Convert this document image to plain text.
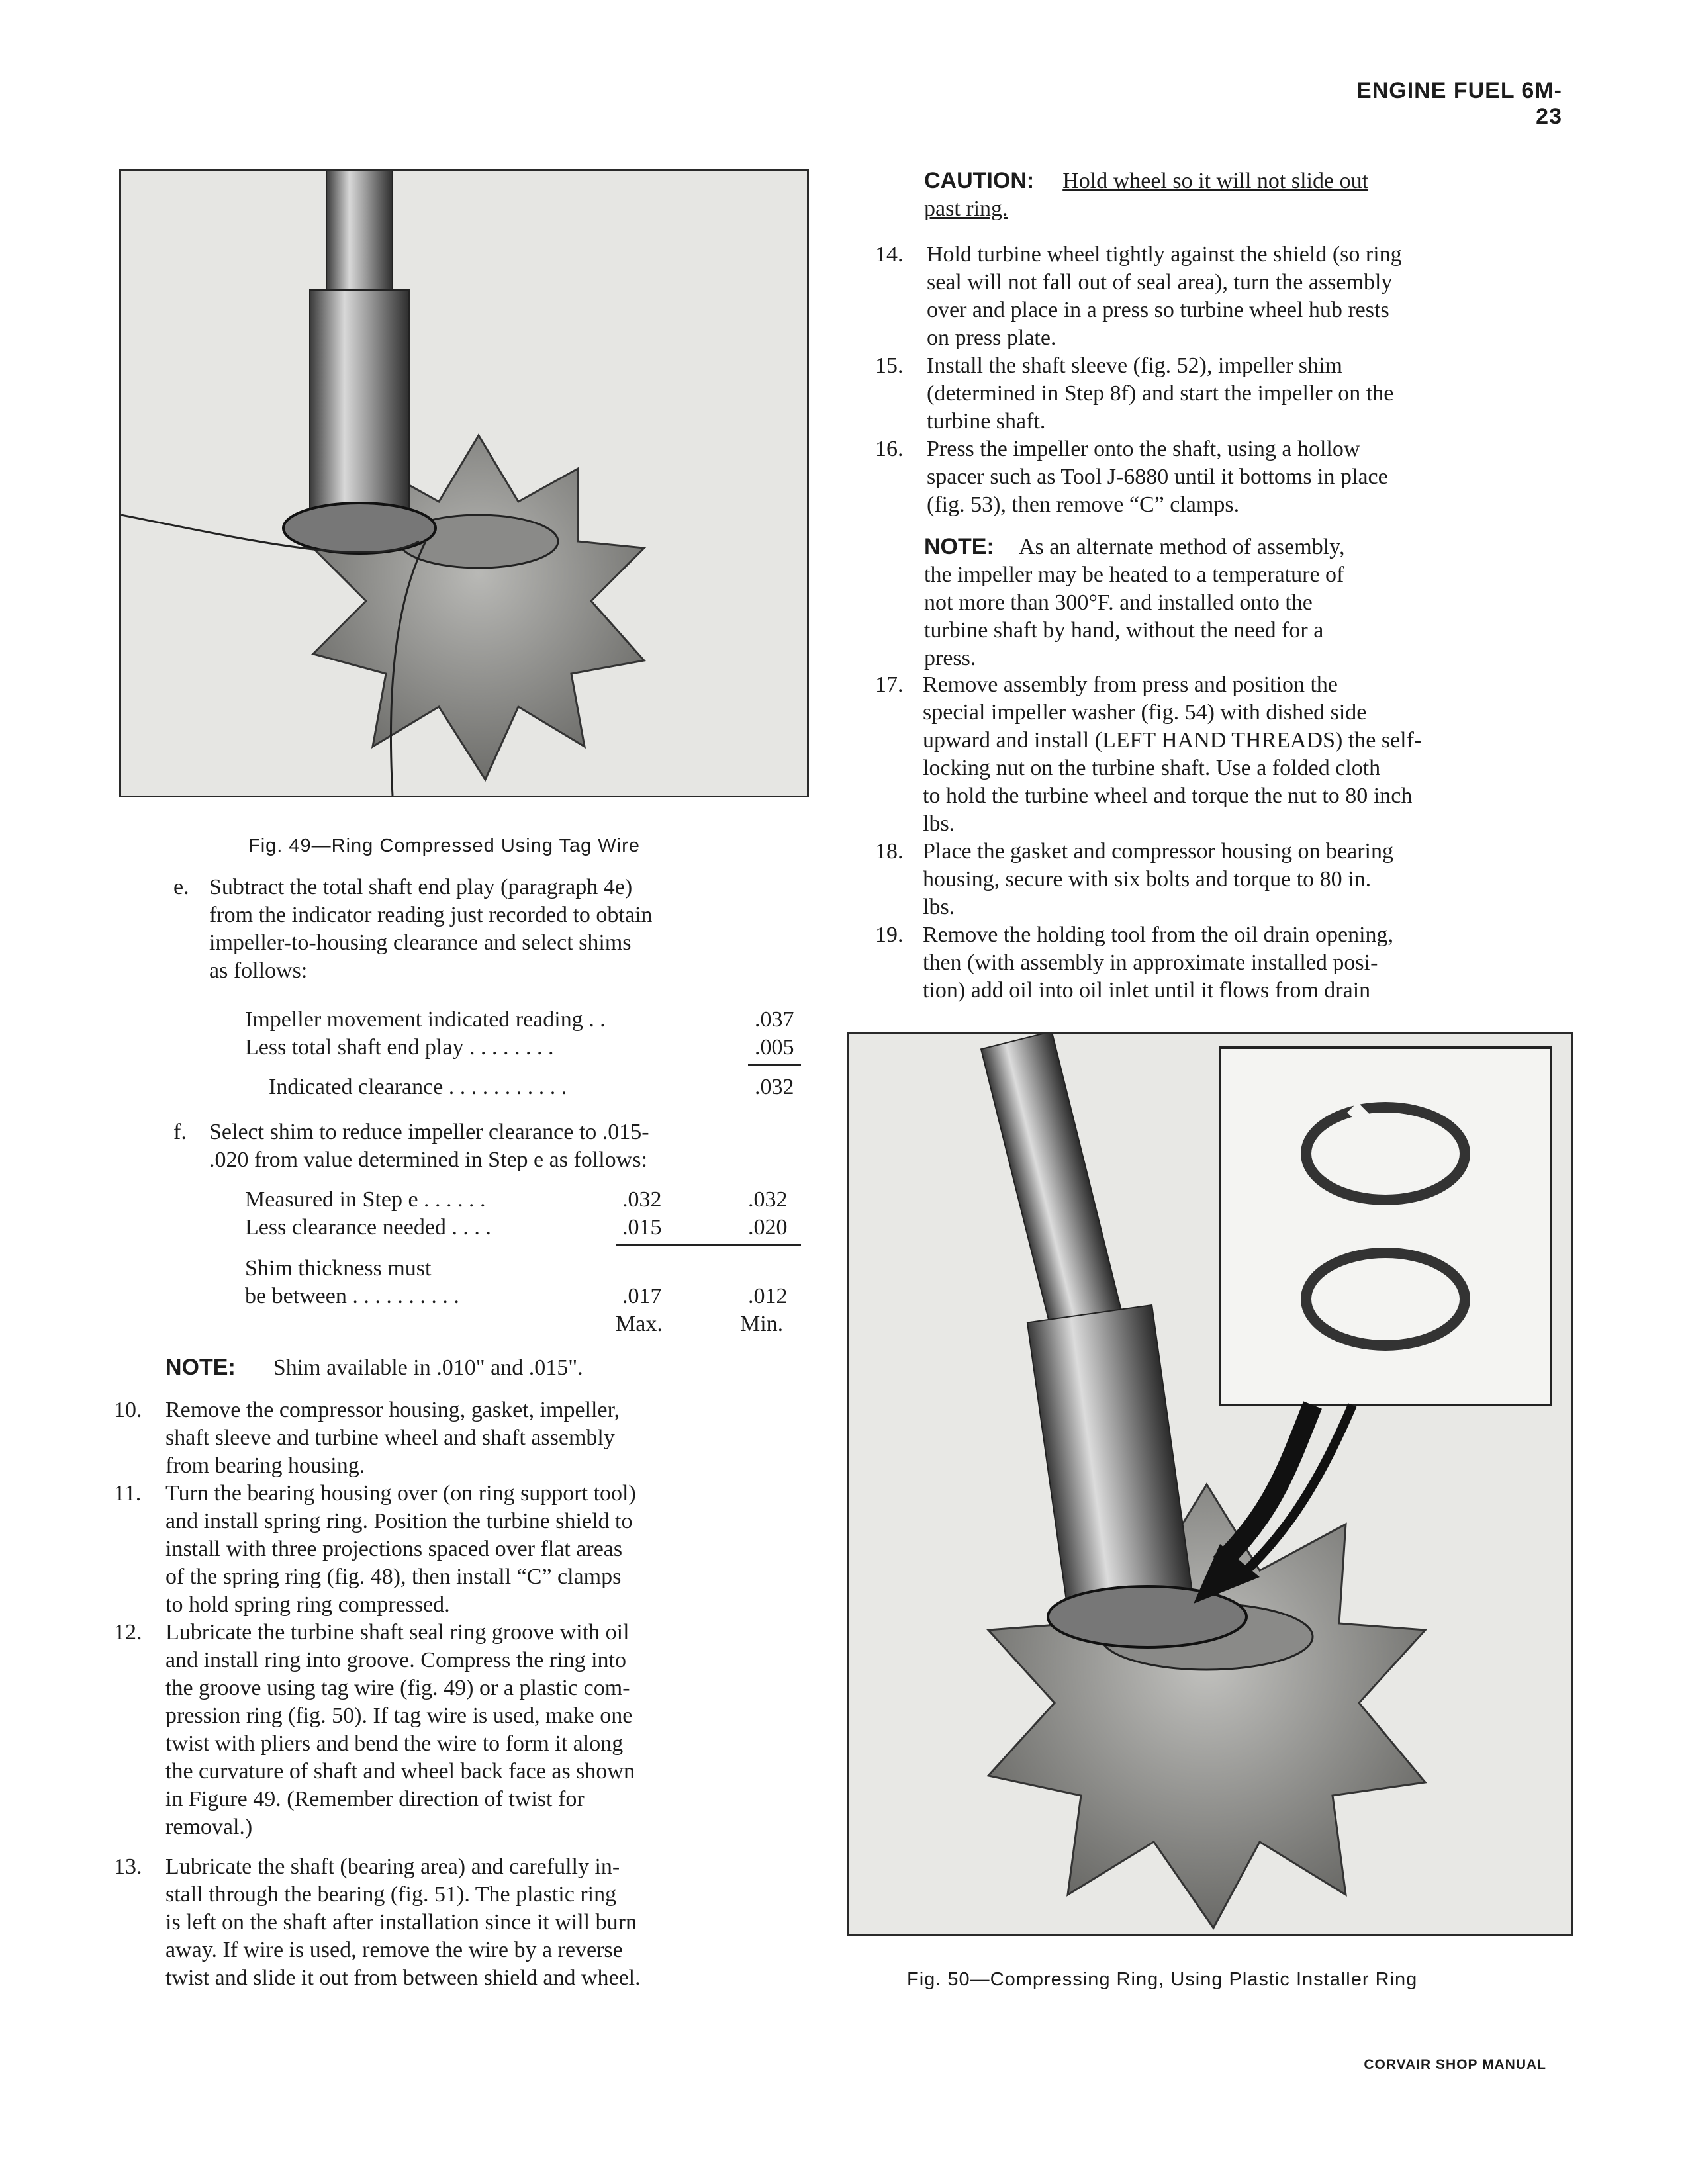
ENGINE FUEL 6M-23
Fig. 49—Ring Compressed Using Tag Wire
e. Subtract the total shaft end play (paragraph 4e)
from the indicator reading just recorded to obtain
impeller-to-housing clearance and select shims
as follows:
Impeller movement indicated reading . .	.037
Less total shaft end play . . . . . . . .	.005
Indicated clearance . . . . . . . . . . .	.032
f. Select shim to reduce impeller clearance to .015-
.020 from value determined in Step e as follows:
Measured in Step e . . . . . .	.032	.032
Less clearance needed . . . .	.015	.020
Shim thickness must
be between . . . . . . . . . .	.017	.012
Max.	Min.
NOTE: Shim available in .010" and .015".
10. Remove the compressor housing, gasket, impeller,
shaft sleeve and turbine wheel and shaft assembly
from bearing housing.
11. Turn the bearing housing over (on ring support tool)
and install spring ring. Position the turbine shield to
install with three projections spaced over flat areas
of the spring ring (fig. 48), then install “C” clamps
to hold spring ring compressed.
12. Lubricate the turbine shaft seal ring groove with oil
and install ring into groove. Compress the ring into
the groove using tag wire (fig. 49) or a plastic com-
pression ring (fig. 50). If tag wire is used, make one
twist with pliers and bend the wire to form it along
the curvature of shaft and wheel back face as shown
in Figure 49. (Remember direction of twist for
removal.)
13. Lubricate the shaft (bearing area) and carefully in-
stall through the bearing (fig. 51). The plastic ring
is left on the shaft after installation since it will burn
away. If wire is used, remove the wire by a reverse
twist and slide it out from between shield and wheel.
CAUTION: Hold wheel so it will not slide out
past ring.
14. Hold turbine wheel tightly against the shield (so ring
seal will not fall out of seal area), turn the assembly
over and place in a press so turbine wheel hub rests
on press plate.
15. Install the shaft sleeve (fig. 52), impeller shim
(determined in Step 8f) and start the impeller on the
turbine shaft.
16. Press the impeller onto the shaft, using a hollow
spacer such as Tool J-6880 until it bottoms in place
(fig. 53), then remove “C” clamps.
NOTE: As an alternate method of assembly,
the impeller may be heated to a temperature of
not more than 300°F. and installed onto the
turbine shaft by hand, without the need for a
press.
17. Remove assembly from press and position the
special impeller washer (fig. 54) with dished side
upward and install (LEFT HAND THREADS) the self-
locking nut on the turbine shaft. Use a folded cloth
to hold the turbine wheel and torque the nut to 80 inch
lbs.
18. Place the gasket and compressor housing on bearing
housing, secure with six bolts and torque to 80 in.
lbs.
19. Remove the holding tool from the oil drain opening,
then (with assembly in approximate installed posi-
tion) add oil into oil inlet until it flows from drain
Fig. 50—Compressing Ring, Using Plastic Installer Ring
CORVAIR SHOP MANUAL
